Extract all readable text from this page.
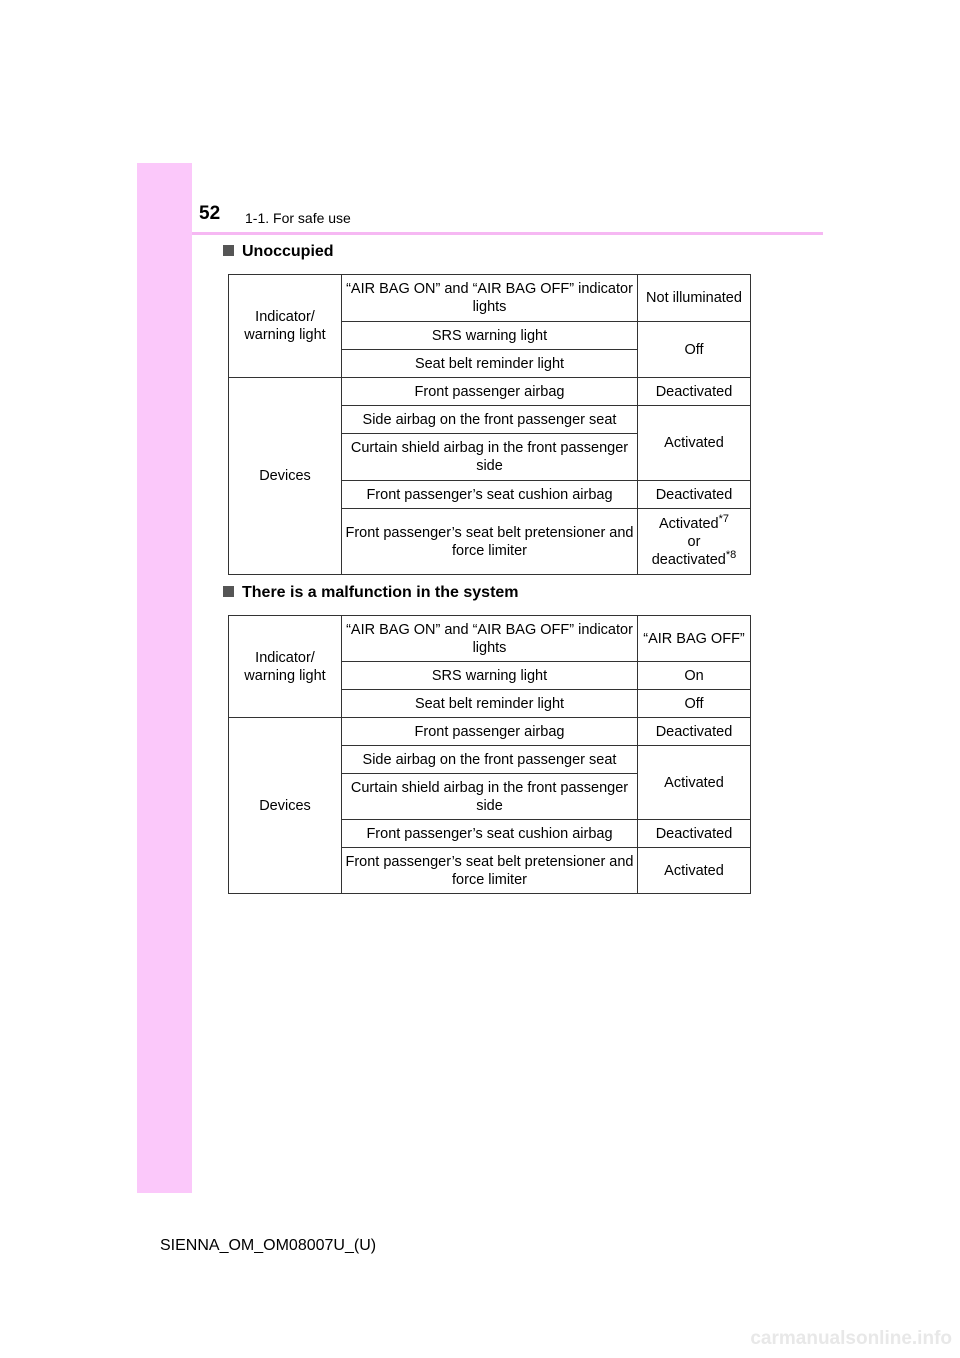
52 1-1. For safe use
Unoccupied
Indicator/ warning light	“AIR BAG ON” and “AIR BAG OFF” indicator lights	Not illuminated
	SRS warning light	Off
	Seat belt reminder light	
Devices	Front passenger airbag	Deactivated
	Side airbag on the front passenger seat	Activated
	Curtain shield airbag in the front passenger side	
	Front passenger’s seat cushion airbag	Deactivated
	Front passenger’s seat belt pretensioner and force limiter	Activated$^{*7}$
or
deactivated$^{*8}$
There is a malfunction in the system
Indicator/ warning light	“AIR BAG ON” and “AIR BAG OFF” indicator lights	“AIR BAG OFF”
	SRS warning light	On
	Seat belt reminder light	Off
Devices	Front passenger airbag	Deactivated
	Side airbag on the front passenger seat	Activated
	Curtain shield airbag in the front passenger side	
	Front passenger’s seat cushion airbag	Deactivated
	Front passenger’s seat belt pretensioner and force limiter	Activated
SIENNA_OM_OM08007U_(U)
carmanualsonline.info
